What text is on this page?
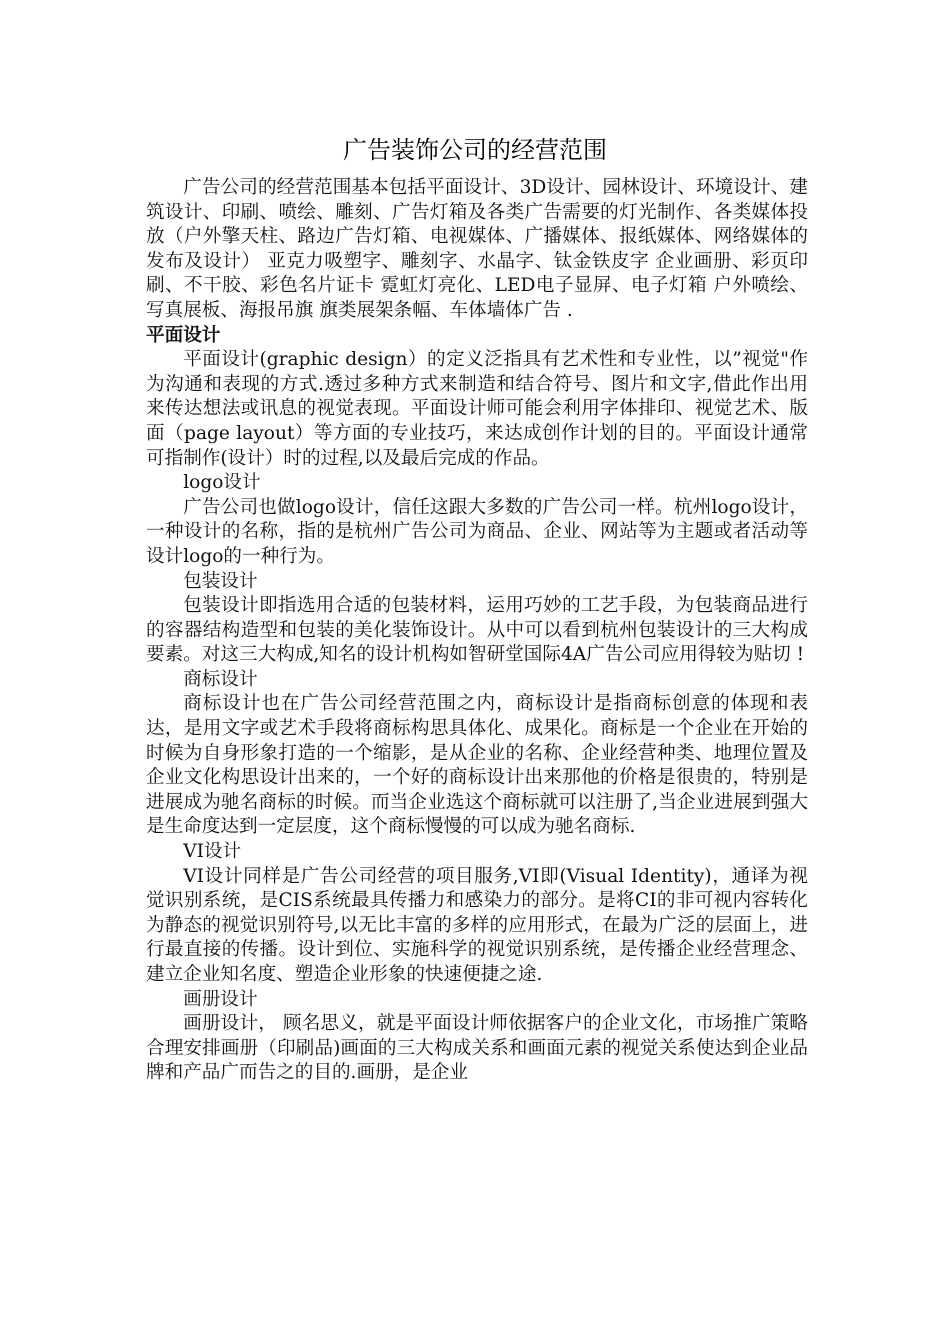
广告装饰公司的经营范围

广告公司的经营范围基本包括平面设计、3D设计、园林设计、环境设计、建筑设计、印刷、喷绘、雕刻、广告灯箱及各类广告需要的灯光制作、各类媒体投放（户外擎天柱、路边广告灯箱、电视媒体、广播媒体、报纸媒体、网络媒体的发布及设计） 亚克力吸塑字、雕刻字、水晶字、钛金铁皮字 企业画册、彩页印刷、不干胶、彩色名片证卡 霓虹灯亮化、LED电子显屏、电子灯箱 户外喷绘、写真展板、海报吊旗 旗类展架条幅、车体墙体广告 .

平面设计

平面设计(graphic design）的定义泛指具有艺术性和专业性，以”视觉"作为沟通和表现的方式.透过多种方式来制造和结合符号、图片和文字,借此作出用来传达想法或讯息的视觉表现。平面设计师可能会利用字体排印、视觉艺术、版面（page layout）等方面的专业技巧，来达成创作计划的目的。平面设计通常可指制作(设计）时的过程,以及最后完成的作品。

logo设计

广告公司也做logo设计，信任这跟大多数的广告公司一样。杭州logo设计，一种设计的名称，指的是杭州广告公司为商品、企业、网站等为主题或者活动等设计logo的一种行为。

包装设计

包装设计即指选用合适的包装材料，运用巧妙的工艺手段，为包装商品进行的容器结构造型和包装的美化装饰设计。从中可以看到杭州包装设计的三大构成要素。对这三大构成,知名的设计机构如智研堂国际4A广告公司应用得较为贴切 !

商标设计

商标设计也在广告公司经营范围之内，商标设计是指商标创意的体现和表达，是用文字或艺术手段将商标构思具体化、成果化。商标是一个企业在开始的时候为自身形象打造的一个缩影，是从企业的名称、企业经营种类、地理位置及企业文化构思设计出来的，一个好的商标设计出来那他的价格是很贵的，特别是进展成为驰名商标的时候。而当企业选这个商标就可以注册了,当企业进展到强大是生命度达到一定层度，这个商标慢慢的可以成为驰名商标.

VI设计

VI设计同样是广告公司经营的项目服务,VI即(Visual Identity)，通译为视觉识别系统，是CIS系统最具传播力和感染力的部分。是将CI的非可视内容转化为静态的视觉识别符号,以无比丰富的多样的应用形式，在最为广泛的层面上，进行最直接的传播。设计到位、实施科学的视觉识别系统，是传播企业经营理念、建立企业知名度、塑造企业形象的快速便捷之途.

画册设计

画册设计， 顾名思义，就是平面设计师依据客户的企业文化，市场推广策略合理安排画册（印刷品)画面的三大构成关系和画面元素的视觉关系使达到企业品牌和产品广而告之的目的.画册，是企业
